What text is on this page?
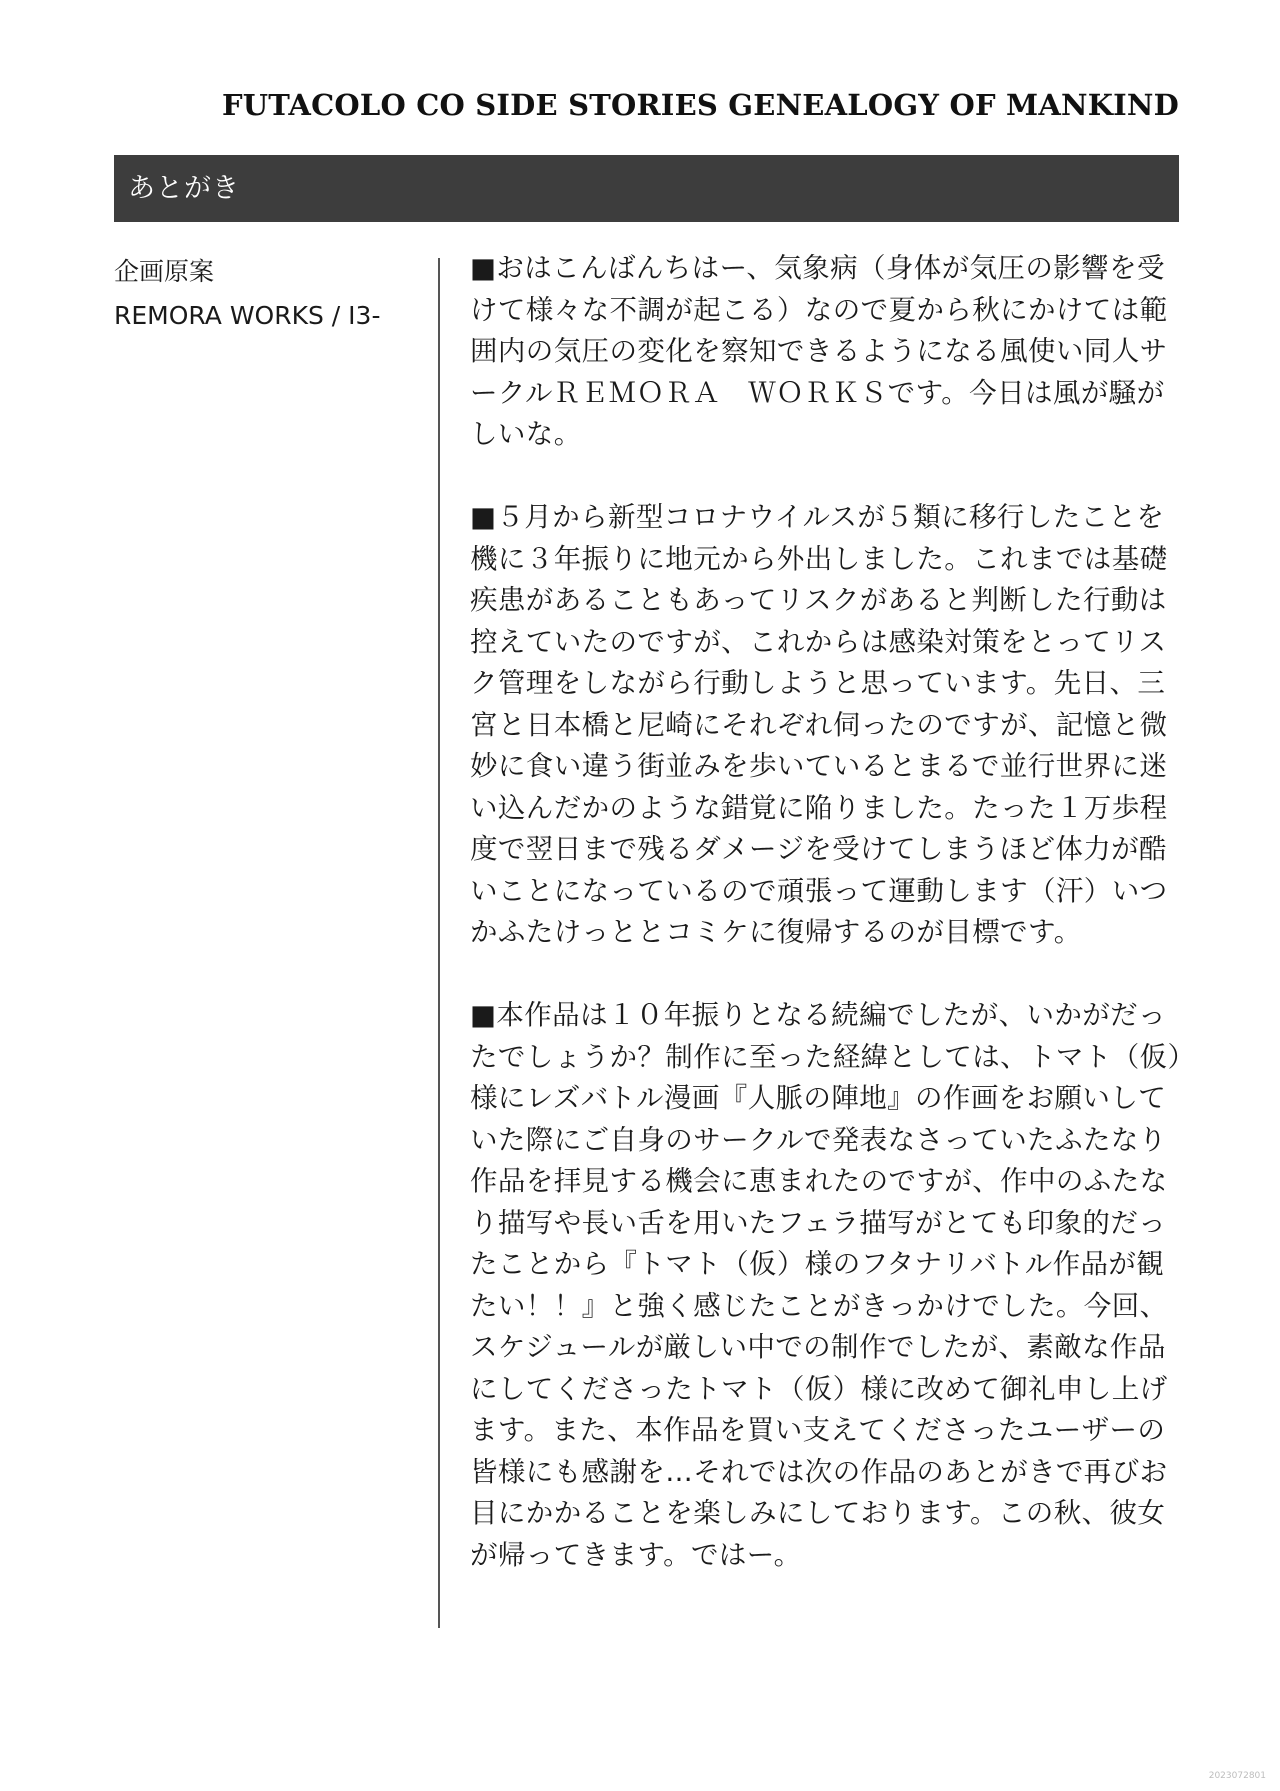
FUTACOLO CO SIDE STORIES GENEALOGY OF MANKIND
あとがき
企画原案
REMORA WORKS / I3-

■おはこんばんちはー、気象病（身体が気圧の影響を受けて様々な不調が起こる）なので夏から秋にかけては範囲内の気圧の変化を察知できるようになる風使い同人サークルＲＥＭＯＲＡ　ＷＯＲＫＳです。今日は風が騒がしいな。

■５月から新型コロナウイルスが５類に移行したことを機に３年振りに地元から外出しました。これまでは基礎疾患があることもあってリスクがあると判断した行動は控えていたのですが、これからは感染対策をとってリスク管理をしながら行動しようと思っています。先日、三宮と日本橋と尼崎にそれぞれ伺ったのですが、記憶と微妙に食い違う街並みを歩いているとまるで並行世界に迷い込んだかのような錯覚に陥りました。たった１万歩程度で翌日まで残るダメージを受けてしまうほど体力が酷いことになっているので頑張って運動します（汗）いつかふたけっととコミケに復帰するのが目標です。

■本作品は１０年振りとなる続編でしたが、いかがだったでしょうか？制作に至った経緯としては、トマト（仮）様にレズバトル漫画『人脈の陣地』の作画をお願いしていた際にご自身のサークルで発表なさっていたふたなり作品を拝見する機会に恵まれたのですが、作中のふたなり描写や長い舌を用いたフェラ描写がとても印象的だったことから『トマト（仮）様のフタナリバトル作品が観たい！！』と強く感じたことがきっかけでした。今回、スケジュールが厳しい中での制作でしたが、素敵な作品にしてくださったトマト（仮）様に改めて御礼申し上げます。また、本作品を買い支えてくださったユーザーの皆様にも感謝を…それでは次の作品のあとがきで再びお目にかかることを楽しみにしております。この秋、彼女が帰ってきます。ではー。

2023072801
